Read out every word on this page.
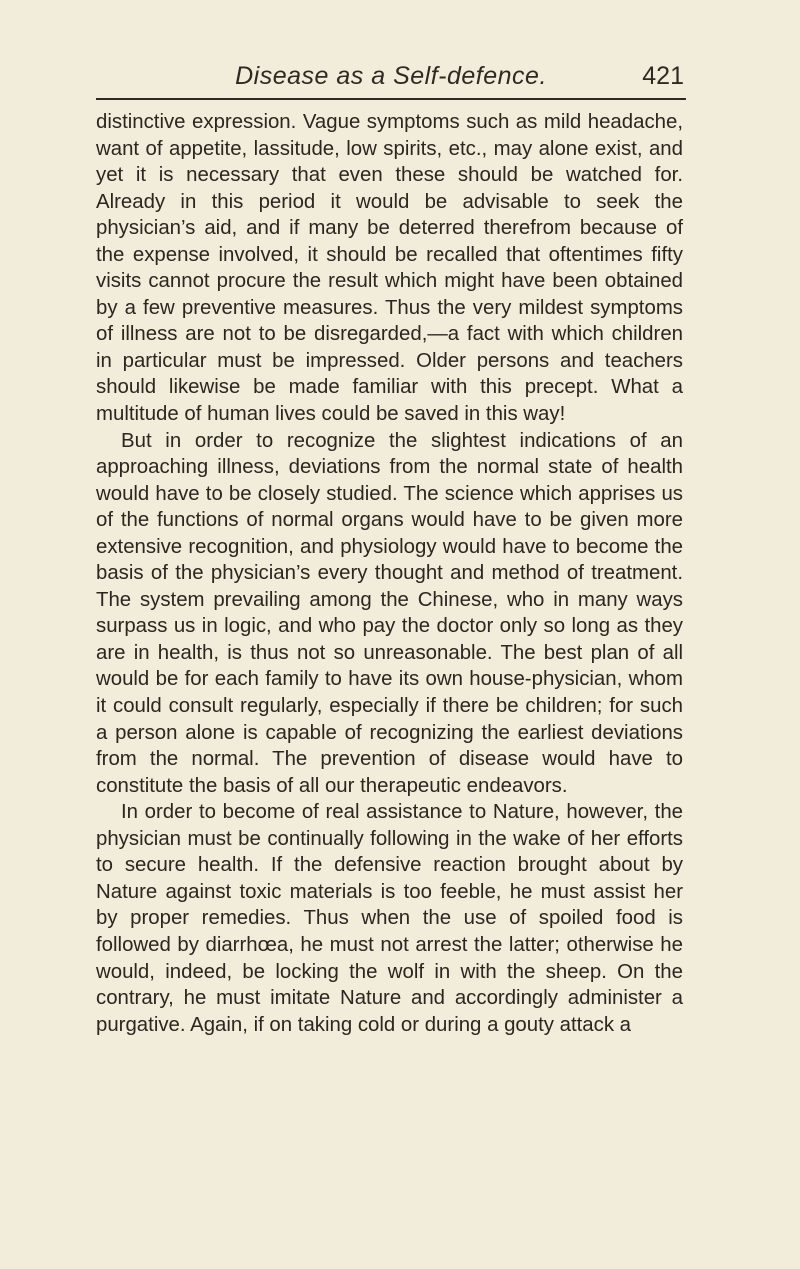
Disease as a Self-defence.	421

distinctive expression. Vague symptoms such as mild headache, want of appetite, lassitude, low spirits, etc., may alone exist, and yet it is necessary that even these should be watched for. Already in this period it would be advisable to seek the physician’s aid, and if many be deterred therefrom because of the expense involved, it should be recalled that oftentimes fifty visits cannot procure the result which might have been obtained by a few preventive measures. Thus the very mildest symptoms of illness are not to be disregarded,—a fact with which children in particular must be impressed. Older persons and teachers should likewise be made familiar with this precept. What a multitude of human lives could be saved in this way!

But in order to recognize the slightest indications of an approaching illness, deviations from the normal state of health would have to be closely studied. The science which apprises us of the functions of normal organs would have to be given more extensive recognition, and physiology would have to become the basis of the physician’s every thought and method of treatment. The system prevailing among the Chinese, who in many ways surpass us in logic, and who pay the doctor only so long as they are in health, is thus not so unreasonable. The best plan of all would be for each family to have its own house-physician, whom it could consult regularly, especially if there be children; for such a person alone is capable of recognizing the earliest deviations from the normal. The prevention of disease would have to constitute the basis of all our therapeutic endeavors.

In order to become of real assistance to Nature, however, the physician must be continually following in the wake of her efforts to secure health. If the defensive reaction brought about by Nature against toxic materials is too feeble, he must assist her by proper remedies. Thus when the use of spoiled food is followed by diarrhœa, he must not arrest the latter; otherwise he would, indeed, be locking the wolf in with the sheep. On the contrary, he must imitate Nature and accordingly administer a purgative. Again, if on taking cold or during a gouty attack a
